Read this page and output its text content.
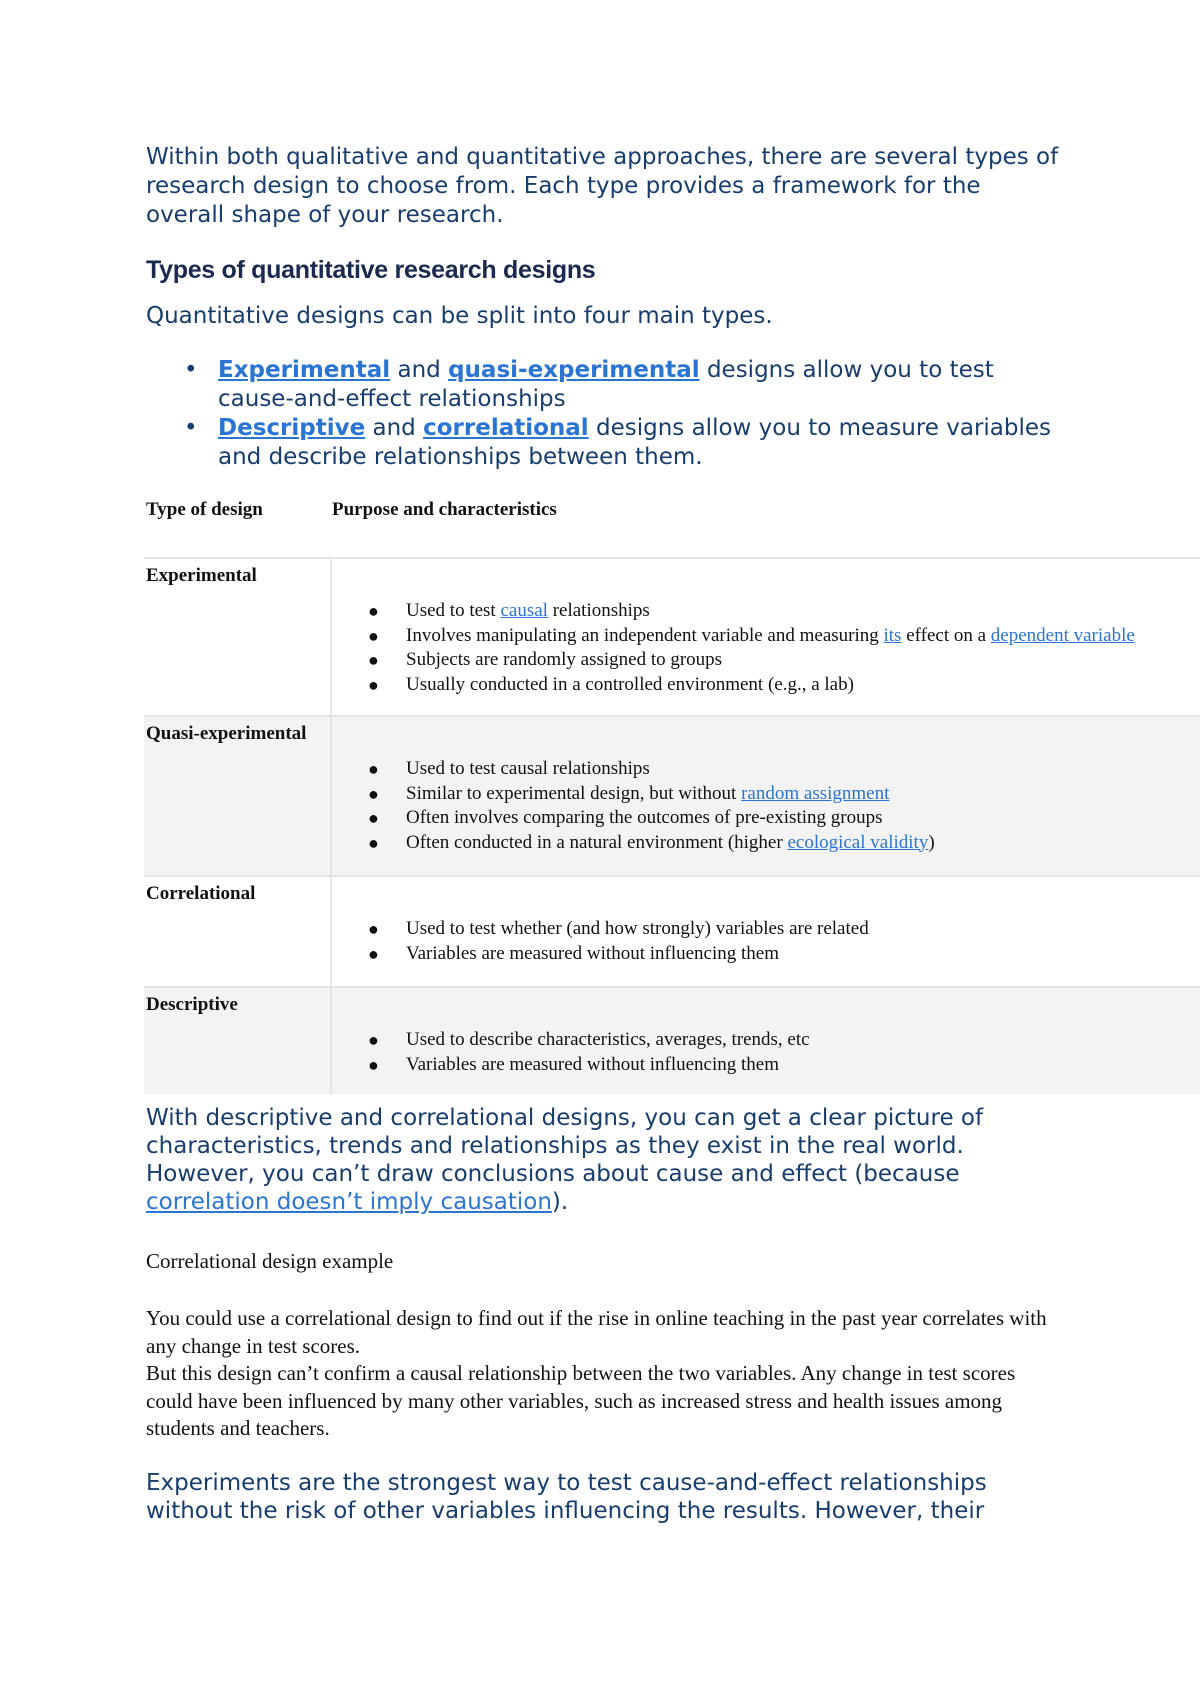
Within both qualitative and quantitative approaches, there are several types of research design to choose from. Each type provides a framework for the overall shape of your research.

Types of quantitative research designs

Quantitative designs can be split into four main types.

• Experimental and quasi-experimental designs allow you to test cause-and-effect relationships
• Descriptive and correlational designs allow you to measure variables and describe relationships between them.
Type of design	Purpose and characteristics
Experimental
● Used to test causal relationships
● Involves manipulating an independent variable and measuring its effect on a dependent variable
● Subjects are randomly assigned to groups
● Usually conducted in a controlled environment (e.g., a lab)
Quasi-experimental
● Used to test causal relationships
● Similar to experimental design, but without random assignment
● Often involves comparing the outcomes of pre-existing groups
● Often conducted in a natural environment (higher ecological validity)
Correlational
● Used to test whether (and how strongly) variables are related
● Variables are measured without influencing them
Descriptive
● Used to describe characteristics, averages, trends, etc
● Variables are measured without influencing them

With descriptive and correlational designs, you can get a clear picture of characteristics, trends and relationships as they exist in the real world. However, you can’t draw conclusions about cause and effect (because correlation doesn’t imply causation).

Correlational design example

You could use a correlational design to find out if the rise in online teaching in the past year correlates with any change in test scores.
But this design can’t confirm a causal relationship between the two variables. Any change in test scores could have been influenced by many other variables, such as increased stress and health issues among students and teachers.

Experiments are the strongest way to test cause-and-effect relationships without the risk of other variables influencing the results. However, their
